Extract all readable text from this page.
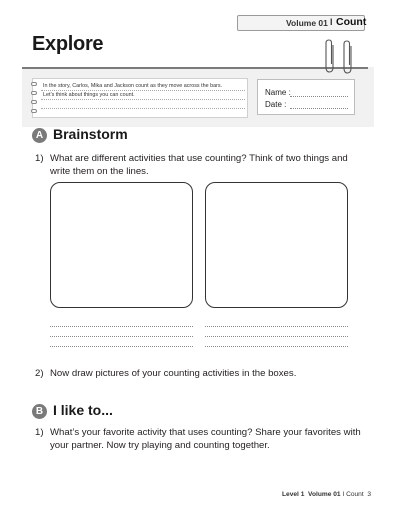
Volume 01 I Count
Explore
In the story, Carlos, Mika and Jackson count as they move across the bars.
Let’s think about things you can count.	Name :
Date :
A Brainstorm
1) What are different activities that use counting? Think of two things and write them on the lines.
2) Now draw pictures of your counting activities in the boxes.
B I like to...
1) What’s your favorite activity that uses counting? Share your favorites with your partner. Now try playing and counting together.
Level 1 Volume 01 I Count 3
